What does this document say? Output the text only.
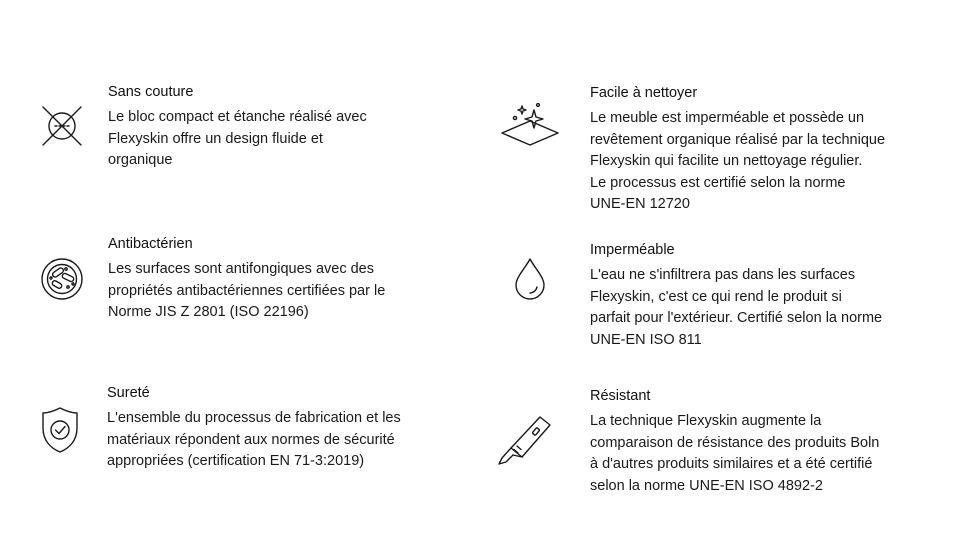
Sans couture

Le bloc compact et étanche réalisé avec
Flexyskin offre un design fluide et
organique

Facile à nettoyer

Le meuble est imperméable et possède un
revêtement organique réalisé par la technique
Flexyskin qui facilite un nettoyage régulier.
Le processus est certifié selon la norme
UNE-EN 12720

Antibactérien

Les surfaces sont antifongiques avec des
propriétés antibactériennes certifiées par le
Norme JIS Z 2801 (ISO 22196)

Imperméable

L'eau ne s'infiltrera pas dans les surfaces
Flexyskin, c'est ce qui rend le produit si
parfait pour l'extérieur. Certifié selon la norme
UNE-EN ISO 811

Sureté

L'ensemble du processus de fabrication et les
matériaux répondent aux normes de sécurité
appropriées (certification EN 71-3:2019)

Résistant

La technique Flexyskin augmente la
comparaison de résistance des produits Boln
à d'autres produits similaires et a été certifié
selon la norme UNE-EN ISO 4892-2
